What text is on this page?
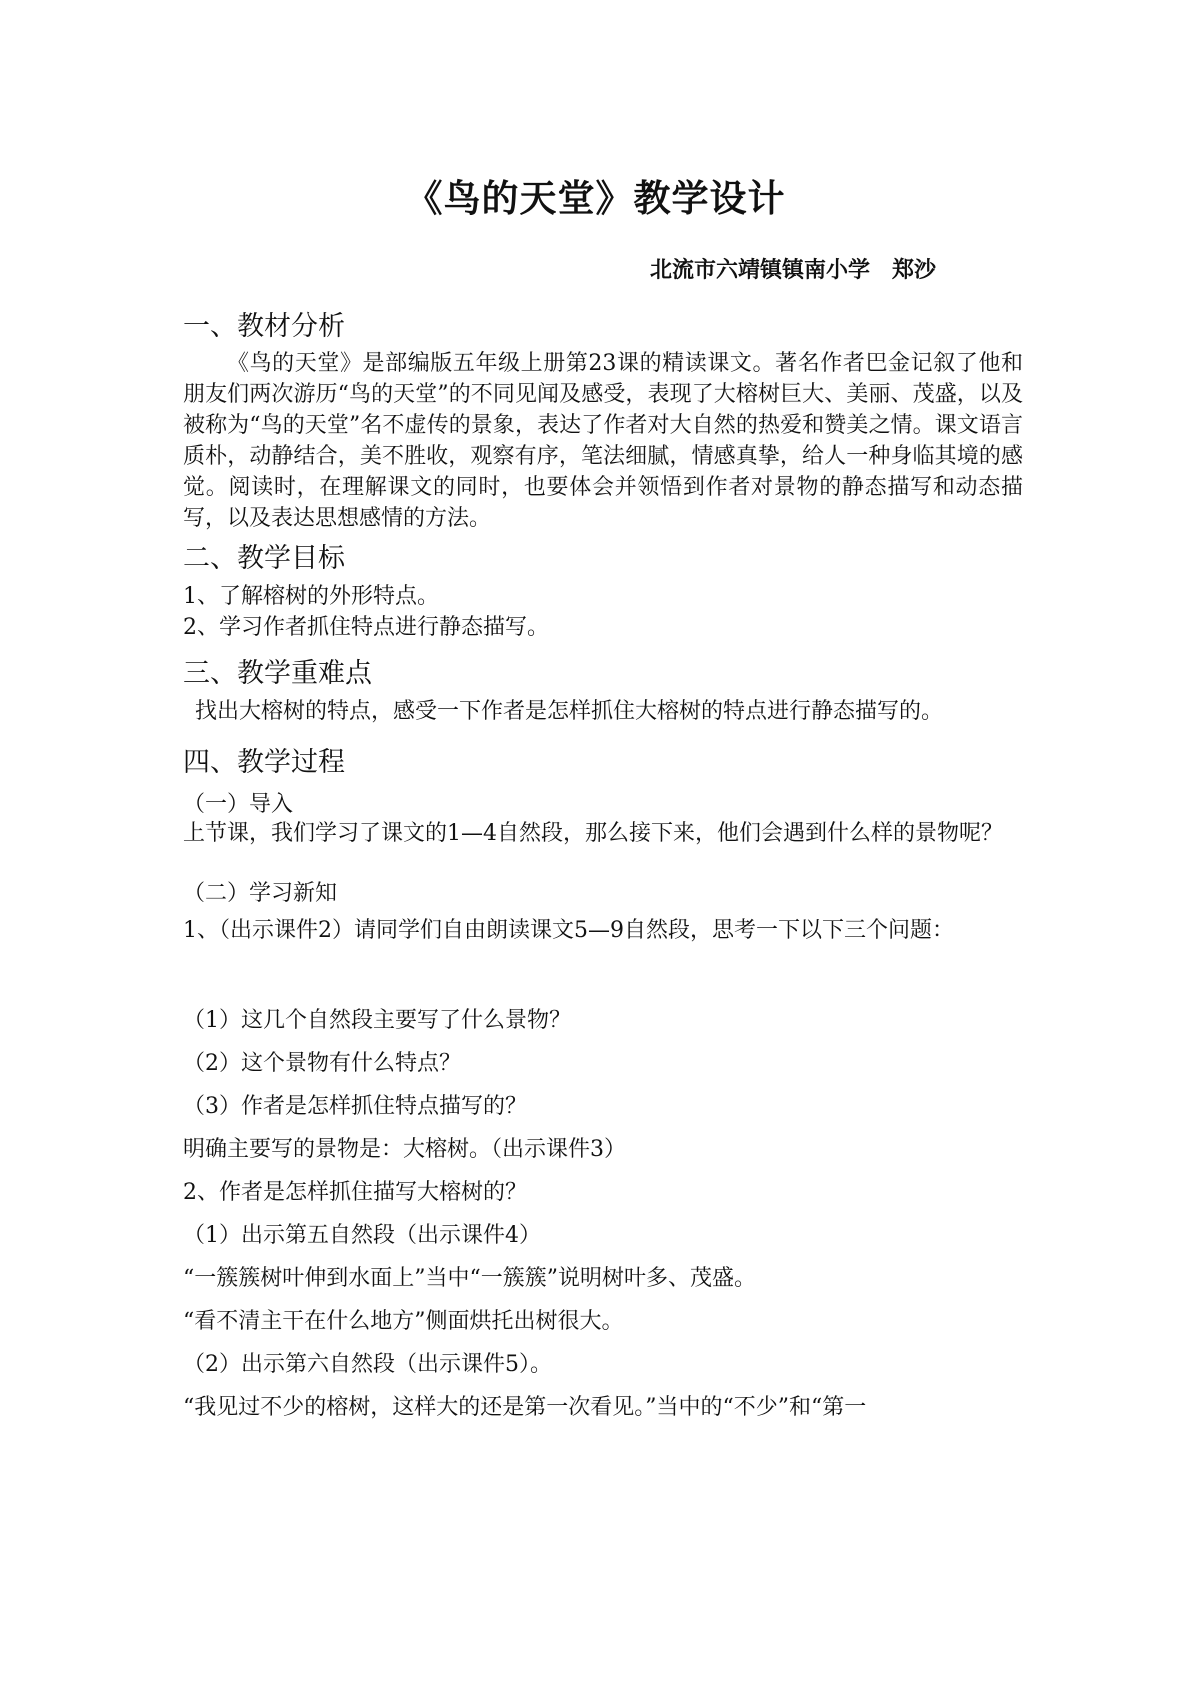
《鸟的天堂》教学设计
北流市六靖镇镇南小学　郑沙
一、教材分析

《鸟的天堂》是部编版五年级上册第23课的精读课文。著名作者巴金记叙了他和朋友们两次游历“鸟的天堂”的不同见闻及感受，表现了大榕树巨大、美丽、茂盛，以及被称为“鸟的天堂”名不虚传的景象，表达了作者对大自然的热爱和赞美之情。课文语言质朴，动静结合，美不胜收，观察有序，笔法细腻，情感真挚，给人一种身临其境的感觉。阅读时，在理解课文的同时，也要体会并领悟到作者对景物的静态描写和动态描写，以及表达思想感情的方法。

二、教学目标

1、了解榕树的外形特点。

2、学习作者抓住特点进行静态描写。

三、教学重难点

找出大榕树的特点，感受一下作者是怎样抓住大榕树的特点进行静态描写的。

四、教学过程

（一）导入

上节课，我们学习了课文的1—4自然段，那么接下来，他们会遇到什么样的景物呢？

（二）学习新知

1、（出示课件2）请同学们自由朗读课文5—9自然段，思考一下以下三个问题：

（1）这几个自然段主要写了什么景物？

（2）这个景物有什么特点？

（3）作者是怎样抓住特点描写的？

明确主要写的景物是：大榕树。（出示课件3）

2、作者是怎样抓住描写大榕树的？

（1）出示第五自然段（出示课件4）

“一簇簇树叶伸到水面上”当中“一簇簇”说明树叶多、茂盛。

“看不清主干在什么地方”侧面烘托出树很大。

（2）出示第六自然段（出示课件5）。

“我见过不少的榕树，这样大的还是第一次看见。”当中的“不少”和“第一
